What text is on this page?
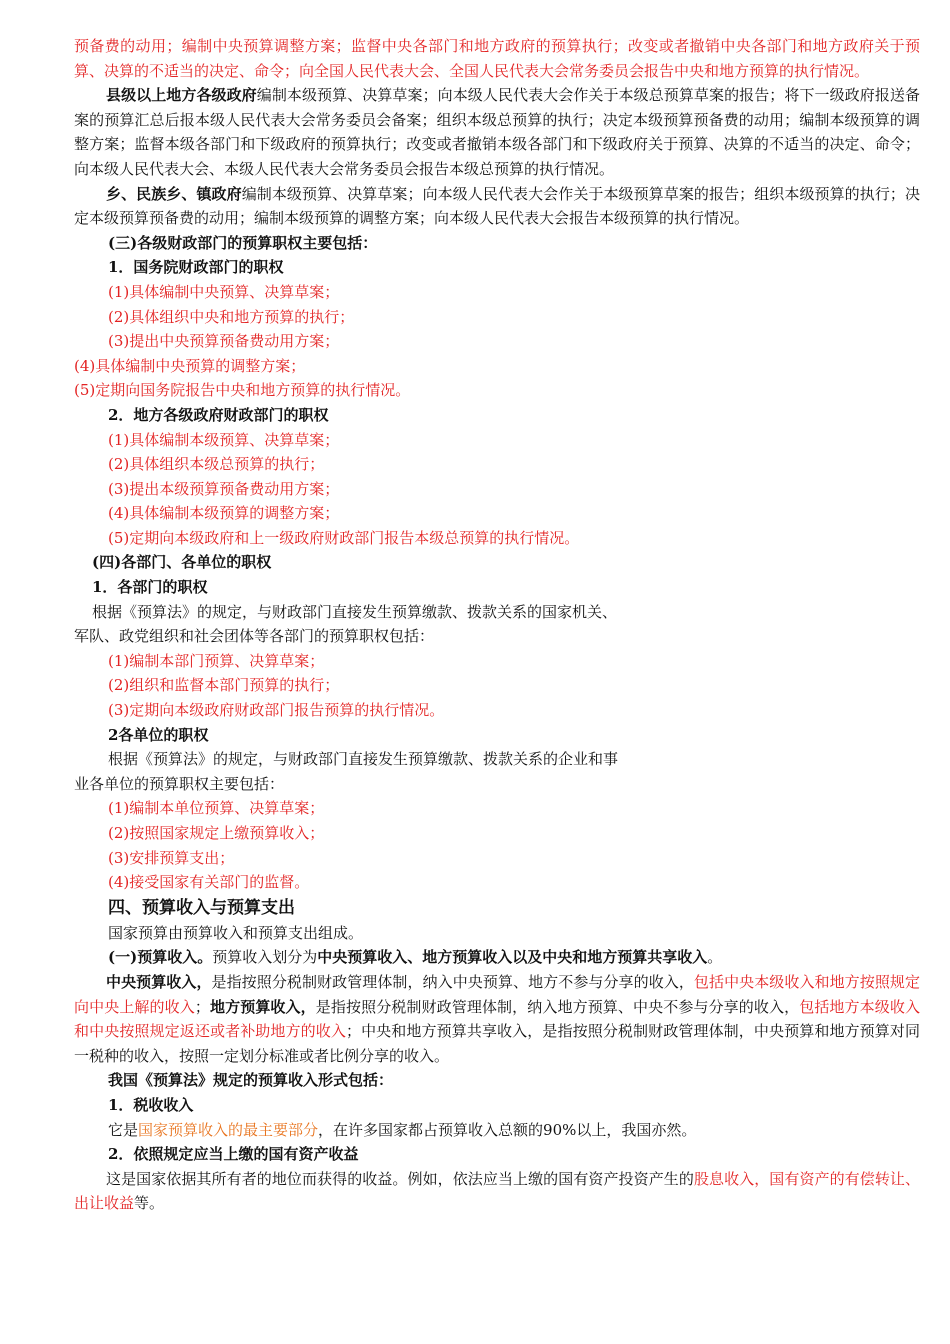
预备费的动用；编制中央预算调整方案；监督中央各部门和地方政府的预算执行；改变或者撤销中央各部门和地方政府关于预算、决算的不适当的决定、命令；向全国人民代表大会、全国人民代表大会常务委员会报告中央和地方预算的执行情况。

县级以上地方各级政府编制本级预算、决算草案；向本级人民代表大会作关于本级总预算草案的报告；将下一级政府报送备案的预算汇总后报本级人民代表大会常务委员会备案；组织本级总预算的执行；决定本级预算预备费的动用；编制本级预算的调整方案；监督本级各部门和下级政府的预算执行；改变或者撤销本级各部门和下级政府关于预算、决算的不适当的决定、命令；向本级人民代表大会、本级人民代表大会常务委员会报告本级总预算的执行情况。

乡、民族乡、镇政府编制本级预算、决算草案；向本级人民代表大会作关于本级预算草案的报告；组织本级预算的执行；决定本级预算预备费的动用；编制本级预算的调整方案；向本级人民代表大会报告本级预算的执行情况。

(三)各级财政部门的预算职权主要包括：

1．国务院财政部门的职权

(1)具体编制中央预算、决算草案；

(2)具体组织中央和地方预算的执行；

(3)提出中央预算预备费动用方案；

(4)具体编制中央预算的调整方案；

(5)定期向国务院报告中央和地方预算的执行情况。

2．地方各级政府财政部门的职权

(1)具体编制本级预算、决算草案；

(2)具体组织本级总预算的执行；

(3)提出本级预算预备费动用方案；

(4)具体编制本级预算的调整方案；

(5)定期向本级政府和上一级政府财政部门报告本级总预算的执行情况。

(四)各部门、各单位的职权

1．各部门的职权

根据《预算法》的规定，与财政部门直接发生预算缴款、拨款关系的国家机关、

军队、政党组织和社会团体等各部门的预算职权包括：

(1)编制本部门预算、决算草案；

(2)组织和监督本部门预算的执行；

(3)定期向本级政府财政部门报告预算的执行情况。

2各单位的职权

根据《预算法》的规定，与财政部门直接发生预算缴款、拨款关系的企业和事

业各单位的预算职权主要包括：

(1)编制本单位预算、决算草案；

(2)按照国家规定上缴预算收入；

(3)安排预算支出；

(4)接受国家有关部门的监督。

四、预算收入与预算支出

国家预算由预算收入和预算支出组成。

(一)预算收入。预算收入划分为中央预算收入、地方预算收入以及中央和地方预算共享收入。

中央预算收入，是指按照分税制财政管理体制，纳入中央预算、地方不参与分享的收入，包括中央本级收入和地方按照规定向中央上解的收入；地方预算收入，是指按照分税制财政管理体制，纳入地方预算、中央不参与分享的收入，包括地方本级收入和中央按照规定返还或者补助地方的收入；中央和地方预算共享收入，是指按照分税制财政管理体制，中央预算和地方预算对同一税种的收入，按照一定划分标准或者比例分享的收入。

我国《预算法》规定的预算收入形式包括：

1．税收收入

它是国家预算收入的最主要部分，在许多国家都占预算收入总额的90%以上，我国亦然。

2．依照规定应当上缴的国有资产收益

这是国家依据其所有者的地位而获得的收益。例如，依法应当上缴的国有资产投资产生的股息收入，国有资产的有偿转让、出让收益等。
